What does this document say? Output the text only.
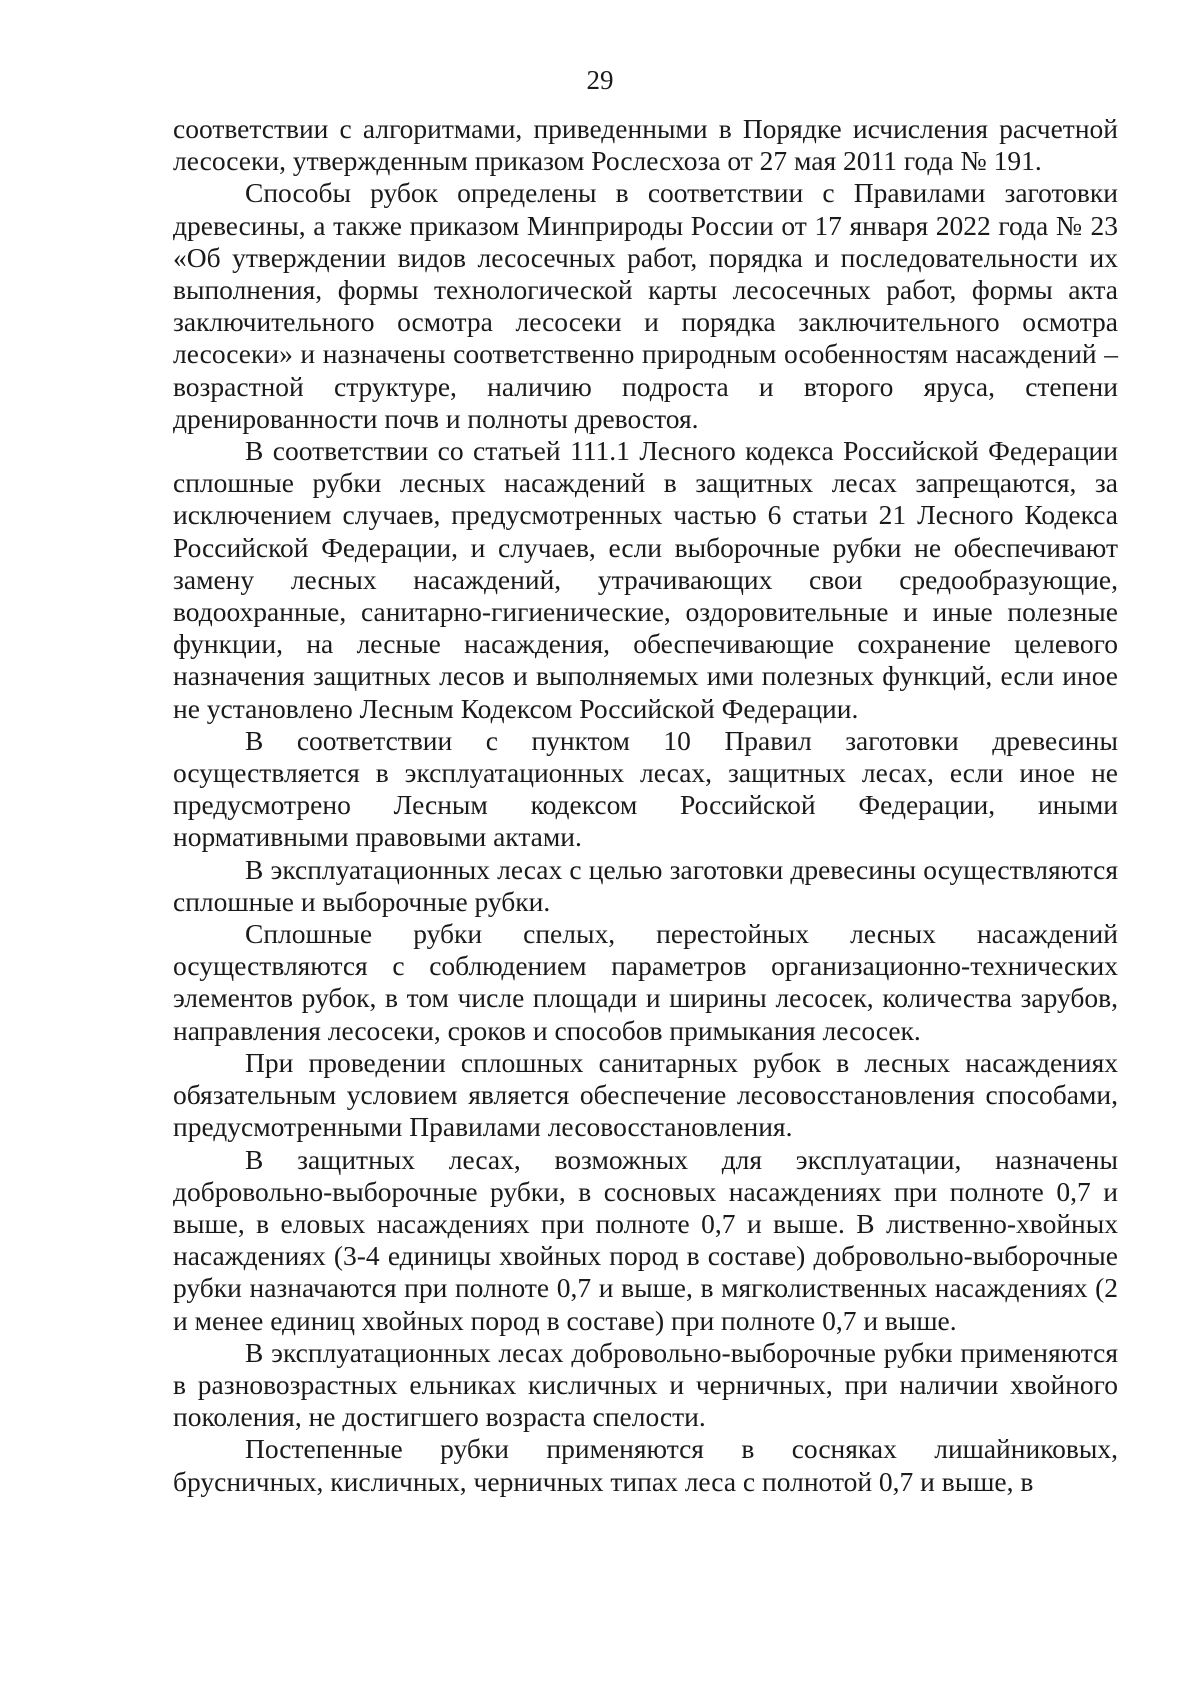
29

соответствии с алгоритмами, приведенными в Порядке исчисления расчетной лесосеки, утвержденным приказом Рослесхоза от 27 мая 2011 года № 191.

Способы рубок определены в соответствии с Правилами заготовки древесины, а также приказом Минприроды России от 17 января 2022 года № 23 «Об утверждении видов лесосечных работ, порядка и последовательности их выполнения, формы технологической карты лесосечных работ, формы акта заключительного осмотра лесосеки и порядка заключительного осмотра лесосеки» и назначены соответственно природным особенностям насаждений – возрастной структуре, наличию подроста и второго яруса, степени дренированности почв и полноты древостоя.

В соответствии со статьей 111.1 Лесного кодекса Российской Федерации сплошные рубки лесных насаждений в защитных лесах запрещаются, за исключением случаев, предусмотренных частью 6 статьи 21 Лесного Кодекса Российской Федерации, и случаев, если выборочные рубки не обеспечивают замену лесных насаждений, утрачивающих свои средообразующие, водоохранные, санитарно-гигиенические, оздоровительные и иные полезные функции, на лесные насаждения, обеспечивающие сохранение целевого назначения защитных лесов и выполняемых ими полезных функций, если иное не установлено Лесным Кодексом Российской Федерации.

В соответствии с пунктом 10 Правил заготовки древесины осуществляется в эксплуатационных лесах, защитных лесах, если иное не предусмотрено Лесным кодексом Российской Федерации, иными нормативными правовыми актами.

В эксплуатационных лесах с целью заготовки древесины осуществляются сплошные и выборочные рубки.

Сплошные рубки спелых, перестойных лесных насаждений осуществляются с соблюдением параметров организационно-технических элементов рубок, в том числе площади и ширины лесосек, количества зарубов, направления лесосеки, сроков и способов примыкания лесосек.

При проведении сплошных санитарных рубок в лесных насаждениях обязательным условием является обеспечение лесовосстановления способами, предусмотренными Правилами лесовосстановления.

В защитных лесах, возможных для эксплуатации, назначены добровольно-выборочные рубки, в сосновых насаждениях при полноте 0,7 и выше, в еловых насаждениях при полноте 0,7 и выше. В лиственно-хвойных насаждениях (3-4 единицы хвойных пород в составе) добровольно-выборочные рубки назначаются при полноте 0,7 и выше, в мягколиственных насаждениях (2 и менее единиц хвойных пород в составе) при полноте 0,7 и выше.

В эксплуатационных лесах добровольно-выборочные рубки применяются в разновозрастных ельниках кисличных и черничных, при наличии хвойного поколения, не достигшего возраста спелости.

Постепенные рубки применяются в сосняках лишайниковых, брусничных, кисличных, черничных типах леса с полнотой 0,7 и выше, в
